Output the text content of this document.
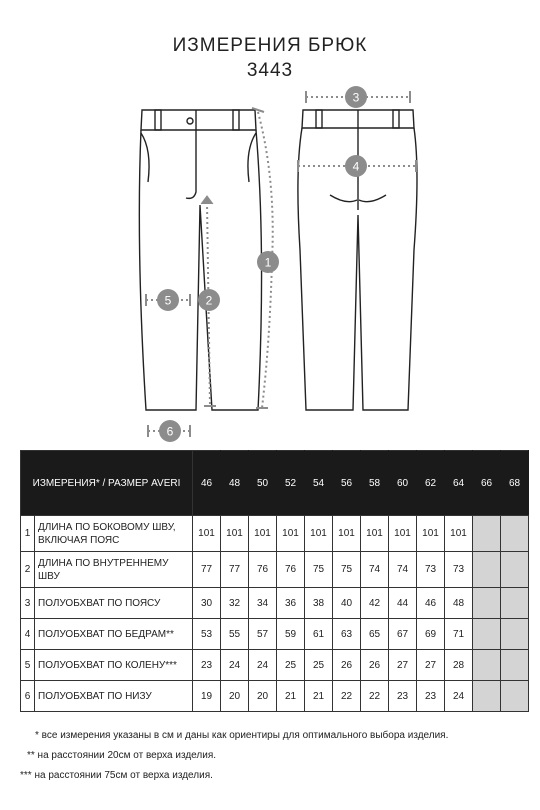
ИЗМЕРЕНИЯ БРЮК
3443
1
2
5
6
3
4
ИЗМЕРЕНИЯ* / РАЗМЕР AVERI		46	48	50	52	54	56	58	60	62	64	66	68
1	ДЛИНА ПО БОКОВОМУ ШВУ, ВКЛЮЧАЯ ПОЯС	101	101	101	101	101	101	101	101	101	101		
2	ДЛИНА ПО ВНУТРЕННЕМУ ШВУ	77	77	76	76	75	75	74	74	73	73		
3	ПОЛУОБХВАТ ПО ПОЯСУ	30	32	34	36	38	40	42	44	46	48		
4	ПОЛУОБХВАТ ПО БЕДРАМ**	53	55	57	59	61	63	65	67	69	71		
5	ПОЛУОБХВАТ ПО КОЛЕНУ***	23	24	24	25	25	26	26	27	27	28		
6	ПОЛУОБХВАТ ПО НИЗУ	19	20	20	21	21	22	22	23	23	24		
* все измерения указаны в см и даны как ориентиры для оптимального выбора изделия.
** на расстоянии 20см от верха изделия.
*** на расстоянии 75см от верха изделия.
